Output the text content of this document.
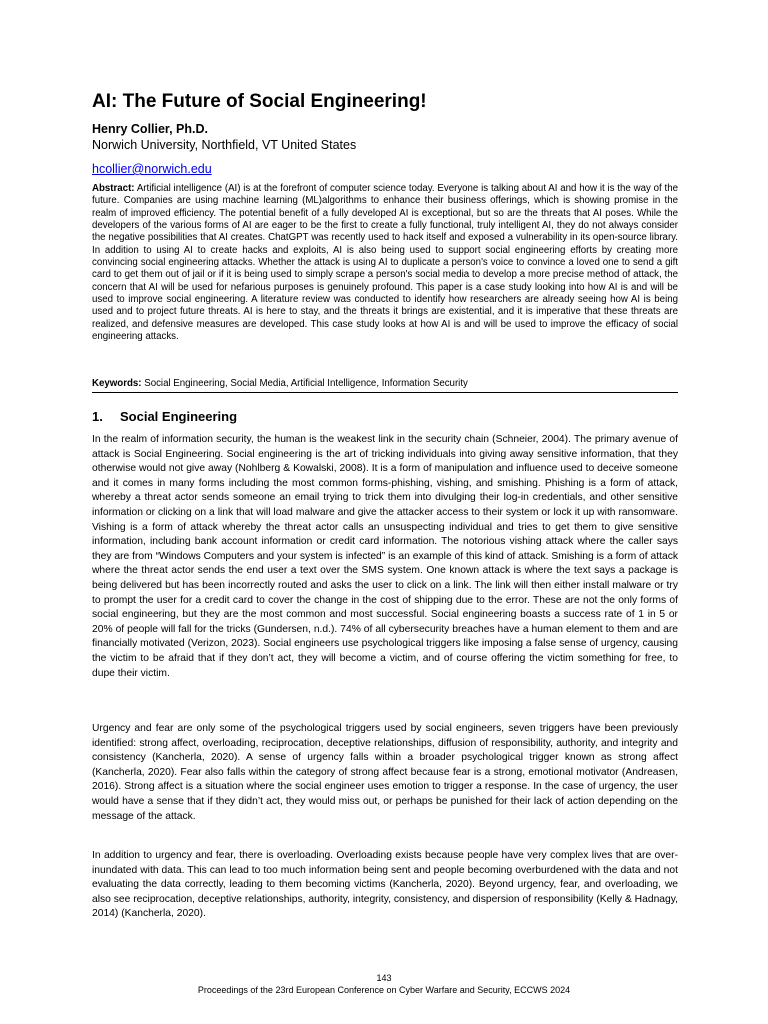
AI: The Future of Social Engineering!

Henry Collier, Ph.D.

Norwich University, Northfield, VT United States

hcollier@norwich.edu

Abstract: Artificial intelligence (AI) is at the forefront of computer science today. Everyone is talking about AI and how it is the way of the future. Companies are using machine learning (ML)algorithms to enhance their business offerings, which is showing promise in the realm of improved efficiency. The potential benefit of a fully developed AI is exceptional, but so are the threats that AI poses. While the developers of the various forms of AI are eager to be the first to create a fully functional, truly intelligent AI, they do not always consider the negative possibilities that AI creates. ChatGPT was recently used to hack itself and exposed a vulnerability in its open-source library. In addition to using AI to create hacks and exploits, AI is also being used to support social engineering efforts by creating more convincing social engineering attacks. Whether the attack is using AI to duplicate a person's voice to convince a loved one to send a gift card to get them out of jail or if it is being used to simply scrape a person's social media to develop a more precise method of attack, the concern that AI will be used for nefarious purposes is genuinely profound. This paper is a case study looking into how AI is and will be used to improve social engineering. A literature review was conducted to identify how researchers are already seeing how AI is being used and to project future threats. AI is here to stay, and the threats it brings are existential, and it is imperative that these threats are realized, and defensive measures are developed. This case study looks at how AI is and will be used to improve the efficacy of social engineering attacks.

Keywords: Social Engineering, Social Media, Artificial Intelligence, Information Security

1. Social Engineering

In the realm of information security, the human is the weakest link in the security chain (Schneier, 2004). The primary avenue of attack is Social Engineering. Social engineering is the art of tricking individuals into giving away sensitive information, that they otherwise would not give away (Nohlberg & Kowalski, 2008). It is a form of manipulation and influence used to deceive someone and it comes in many forms including the most common forms-phishing, vishing, and smishing. Phishing is a form of attack, whereby a threat actor sends someone an email trying to trick them into divulging their log-in credentials, and other sensitive information or clicking on a link that will load malware and give the attacker access to their system or lock it up with ransomware. Vishing is a form of attack whereby the threat actor calls an unsuspecting individual and tries to get them to give sensitive information, including bank account information or credit card information. The notorious vishing attack where the caller says they are from “Windows Computers and your system is infected” is an example of this kind of attack. Smishing is a form of attack where the threat actor sends the end user a text over the SMS system. One known attack is where the text says a package is being delivered but has been incorrectly routed and asks the user to click on a link. The link will then either install malware or try to prompt the user for a credit card to cover the change in the cost of shipping due to the error. These are not the only forms of social engineering, but they are the most common and most successful. Social engineering boasts a success rate of 1 in 5 or 20% of people will fall for the tricks (Gundersen, n.d.). 74% of all cybersecurity breaches have a human element to them and are financially motivated (Verizon, 2023). Social engineers use psychological triggers like imposing a false sense of urgency, causing the victim to be afraid that if they don’t act, they will become a victim, and of course offering the victim something for free, to dupe their victim.

Urgency and fear are only some of the psychological triggers used by social engineers, seven triggers have been previously identified: strong affect, overloading, reciprocation, deceptive relationships, diffusion of responsibility, authority, and integrity and consistency (Kancherla, 2020). A sense of urgency falls within a broader psychological trigger known as strong affect (Kancherla, 2020). Fear also falls within the category of strong affect because fear is a strong, emotional motivator (Andreasen, 2016). Strong affect is a situation where the social engineer uses emotion to trigger a response. In the case of urgency, the user would have a sense that if they didn’t act, they would miss out, or perhaps be punished for their lack of action depending on the message of the attack.

In addition to urgency and fear, there is overloading. Overloading exists because people have very complex lives that are over-inundated with data. This can lead to too much information being sent and people becoming overburdened with the data and not evaluating the data correctly, leading to them becoming victims (Kancherla, 2020). Beyond urgency, fear, and overloading, we also see reciprocation, deceptive relationships, authority, integrity, consistency, and dispersion of responsibility (Kelly & Hadnagy, 2014) (Kancherla, 2020).

143

Proceedings of the 23rd European Conference on Cyber Warfare and Security, ECCWS 2024
